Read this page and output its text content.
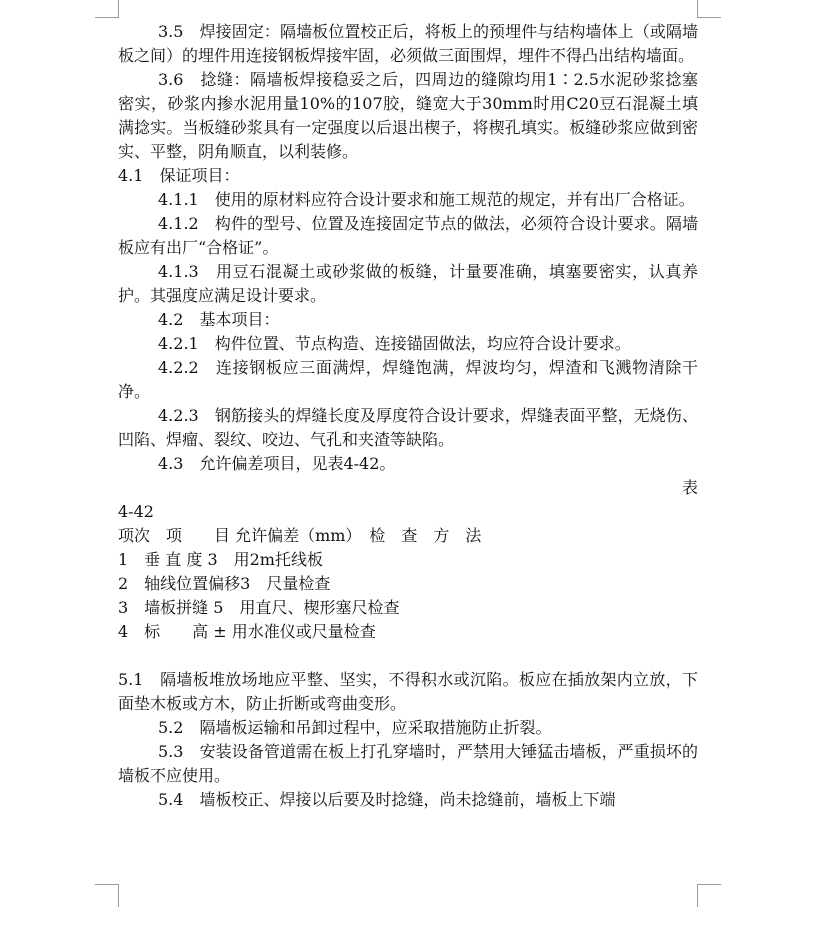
3.5　焊接固定：隔墙板位置校正后，将板上的预埋件与结构墙体上（或隔墙板之间）的埋件用连接钢板焊接牢固，必须做三面围焊，埋件不得凸出结构墙面。

3.6　捻缝：隔墙板焊接稳妥之后，四周边的缝隙均用1∶2.5水泥砂浆捻塞密实，砂浆内掺水泥用量10%的107胶，缝宽大于30mm时用C20豆石混凝土填满捻实。当板缝砂浆具有一定强度以后退出楔子，将楔孔填实。板缝砂浆应做到密实、平整，阴角顺直，以利装修。

4.1　保证项目：

4.1.1　使用的原材料应符合设计要求和施工规范的规定，并有出厂合格证。

4.1.2　构件的型号、位置及连接固定节点的做法，必须符合设计要求。隔墙板应有出厂“合格证”。

4.1.3　用豆石混凝土或砂浆做的板缝，计量要准确，填塞要密实，认真养护。其强度应满足设计要求。

4.2　基本项目：

4.2.1　构件位置、节点构造、连接锚固做法，均应符合设计要求。

4.2.2　连接钢板应三面满焊，焊缝饱满，焊波均匀，焊渣和飞溅物清除干净。

4.2.3　钢筋接头的焊缝长度及厚度符合设计要求，焊缝表面平整，无烧伤、凹陷、焊瘤、裂纹、咬边、气孔和夹渣等缺陷。

4.3　允许偏差项目，见表4-42。

表

4-42

项次　项　　目 允许偏差（mm）　检　查　方　法

1　垂 直 度 3　用2m托线板

2　轴线位置偏移3　尺量检查

3　墙板拼缝 5　用直尺、楔形塞尺检查

4　标　　高 ± 用水准仪或尺量检查

5.1　隔墙板堆放场地应平整、坚实，不得积水或沉陷。板应在插放架内立放，下面垫木板或方木，防止折断或弯曲变形。

5.2　隔墙板运输和吊卸过程中，应采取措施防止折裂。

5.3　安装设备管道需在板上打孔穿墙时，严禁用大锤猛击墙板，严重损坏的墙板不应使用。

5.4　墙板校正、焊接以后要及时捻缝，尚未捻缝前，墙板上下端
